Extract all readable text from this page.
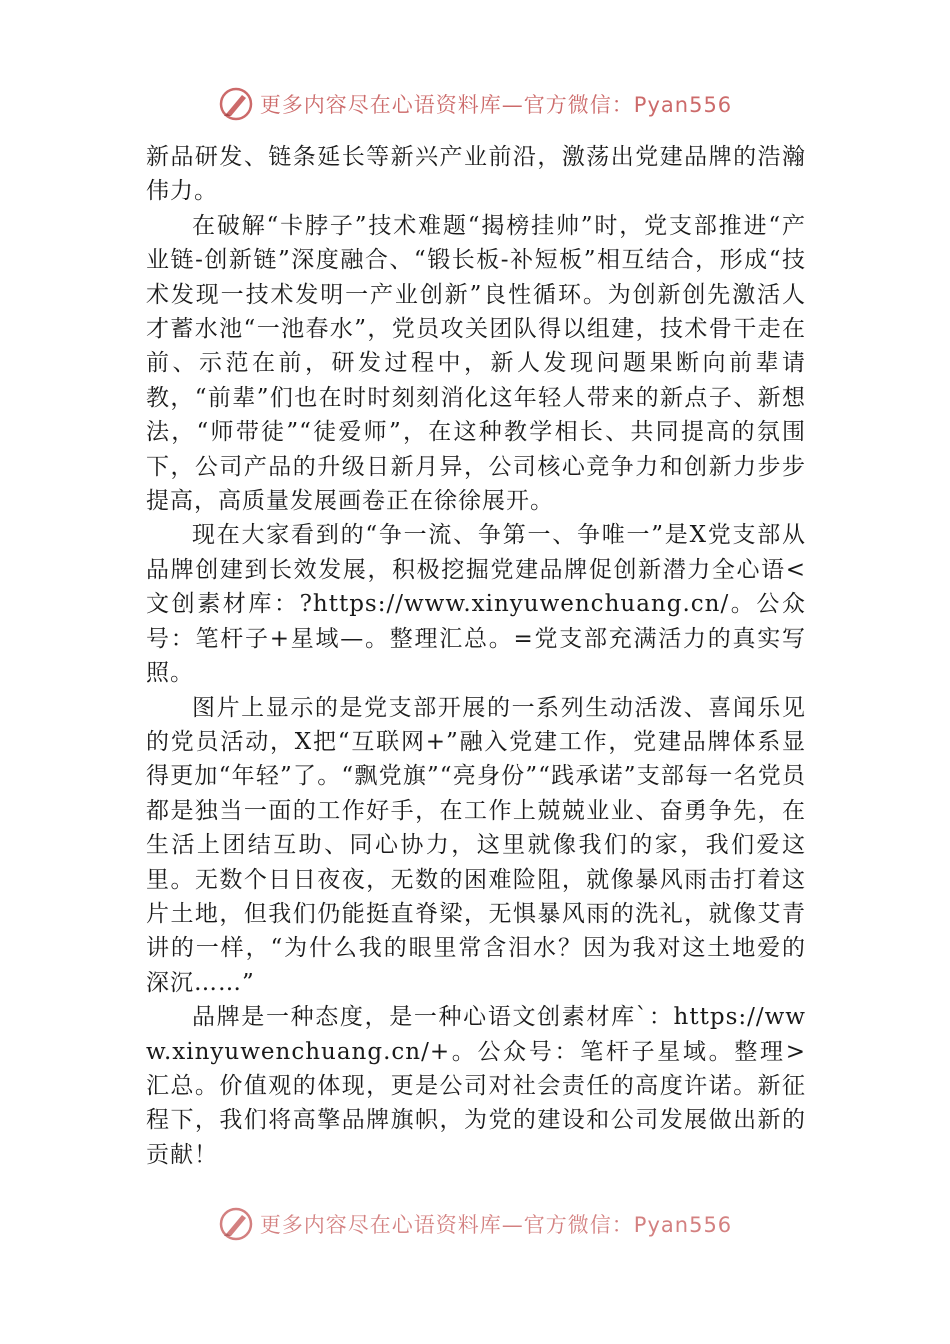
更多内容尽在心语资料库—官方微信：Pyan556

新品研发、链条延长等新兴产业前沿，激荡出党建品牌的浩瀚伟力。

在破解“卡脖子”技术难题“揭榜挂帅”时，党支部推进“产业链-创新链”深度融合、“锻长板-补短板”相互结合，形成“技术发现一技术发明一产业创新”良性循环。为创新创先激活人才蓄水池“一池春水”，党员攻关团队得以组建，技术骨干走在前、示范在前，研发过程中，新人发现问题果断向前辈请教，“前辈”们也在时时刻刻消化这年轻人带来的新点子、新想法，“师带徒”“徒爱师”，在这种教学相长、共同提高的氛围下，公司产品的升级日新月异，公司核心竞争力和创新力步步提高，高质量发展画卷正在徐徐展开。

现在大家看到的“争一流、争第一、争唯一”是X党支部从品牌创建到长效发展，积极挖掘党建品牌促创新潜力全心语<文创素材库：?https://www.xinyuwenchuang.cn/。公众号：笔杆子+星域—。整理汇总。=党支部充满活力的真实写照。

图片上显示的是党支部开展的一系列生动活泼、喜闻乐见的党员活动，X把“互联网+”融入党建工作，党建品牌体系显得更加“年轻”了。“飘党旗”“亮身份”“践承诺”支部每一名党员都是独当一面的工作好手，在工作上兢兢业业、奋勇争先，在生活上团结互助、同心协力，这里就像我们的家，我们爱这里。无数个日日夜夜，无数的困难险阻，就像暴风雨击打着这片土地，但我们仍能挺直脊梁，无惧暴风雨的洗礼，就像艾青讲的一样，“为什么我的眼里常含泪水？因为我对这土地爱的深沉……”

品牌是一种态度，是一种心语文创素材库`：https://www.xinyuwenchuang.cn/+。公众号：笔杆子星域。整理>汇总。价值观的体现，更是公司对社会责任的高度许诺。新征程下，我们将高擎品牌旗帜，为党的建设和公司发展做出新的贡献！

更多内容尽在心语资料库—官方微信：Pyan556
